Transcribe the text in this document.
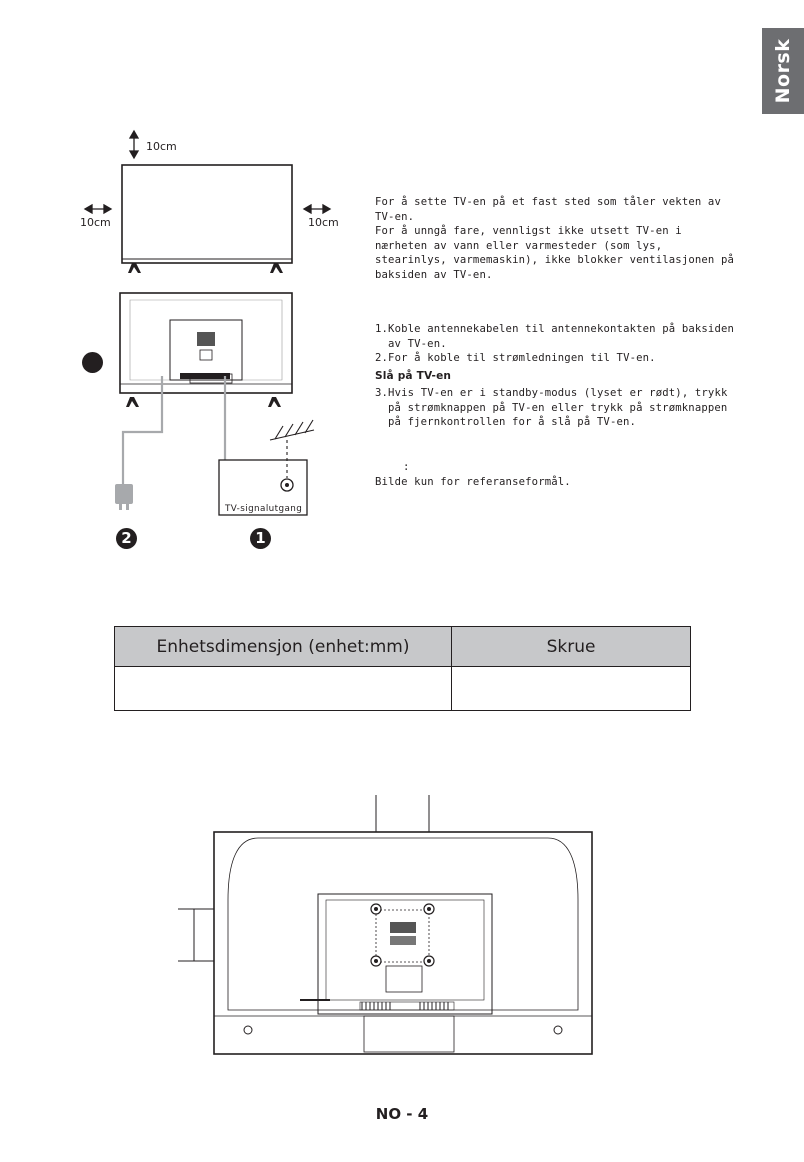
Norsk
10cm
10cm	10cm

For å sette TV-en på et fast sted som tåler vekten av TV-en.

For å unngå fare, vennligst ikke utsett TV-en i nærheten av vann eller varmesteder (som lys, stearinlys, varmemaskin), ikke blokker ventilasjonen på baksiden av TV-en.

TV-signalutgang
2	1

1.Koble antennekabelen til antennekontakten på baksiden av TV-en.

2.For å koble til strømledningen til TV-en.

Slå på TV-en

3.Hvis TV-en er i standby-modus (lyset er rødt), trykk på strømknappen på TV-en eller trykk på strømknappen på fjernkontrollen for å slå på TV-en.

:

Bilde kun for referanseformål.

Enhetsdimensjon (enhet:mm)	Skrue

NO - 4
